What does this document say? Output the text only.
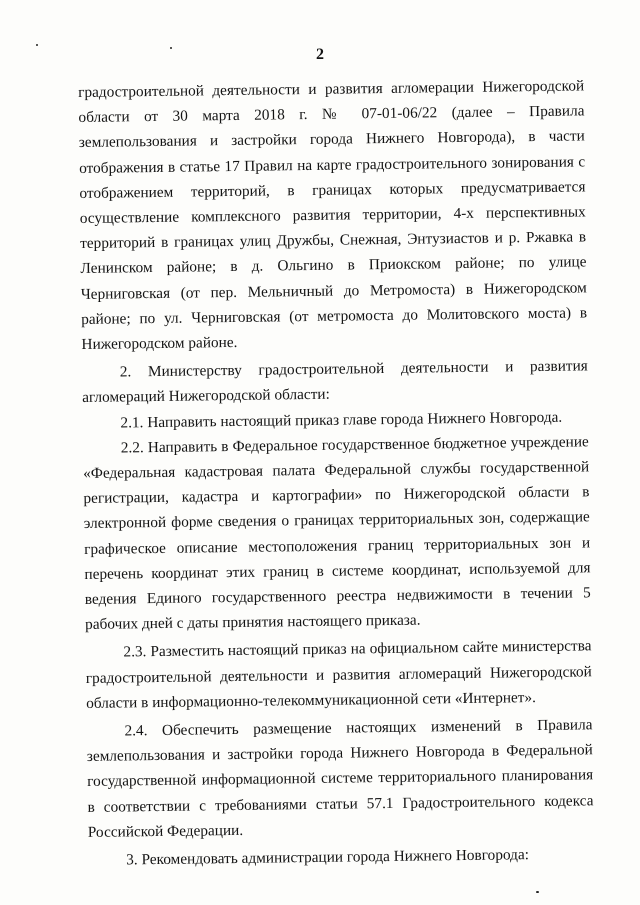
2

градостроительной деятельности и развития агломерации Нижегородской области от 30 марта 2018 г. № 07-01-06/22 (далее – Правила землепользования и застройки города Нижнего Новгорода), в части отображения в статье 17 Правил на карте градостроительного зонирования с отображением территорий, в границах которых предусматривается осуществление комплексного развития территории, 4-х перспективных территорий в границах улиц Дружбы, Снежная, Энтузиастов и р. Ржавка в Ленинском районе; в д. Ольгино в Приокском районе; по улице Черниговская (от пер. Мельничный до Метромоста) в Нижегородском районе; по ул. Черниговская (от метромоста до Молитовского моста) в Нижегородском районе.

2. Министерству градостроительной деятельности и развития агломераций Нижегородской области:

2.1. Направить настоящий приказ главе города Нижнего Новгорода.

2.2. Направить в Федеральное государственное бюджетное учреждение «Федеральная кадастровая палата Федеральной службы государственной регистрации, кадастра и картографии» по Нижегородской области в электронной форме сведения о границах территориальных зон, содержащие графическое описание местоположения границ территориальных зон и перечень координат этих границ в системе координат, используемой для ведения Единого государственного реестра недвижимости в течении 5 рабочих дней с даты принятия настоящего приказа.

2.3. Разместить настоящий приказ на официальном сайте министерства градостроительной деятельности и развития агломераций Нижегородской области в информационно-телекоммуникационной сети «Интернет».

2.4. Обеспечить размещение настоящих изменений в Правила землепользования и застройки города Нижнего Новгорода в Федеральной государственной информационной системе территориального планирования в соответствии с требованиями статьи 57.1 Градостроительного кодекса Российской Федерации.

3. Рекомендовать администрации города Нижнего Новгорода:
